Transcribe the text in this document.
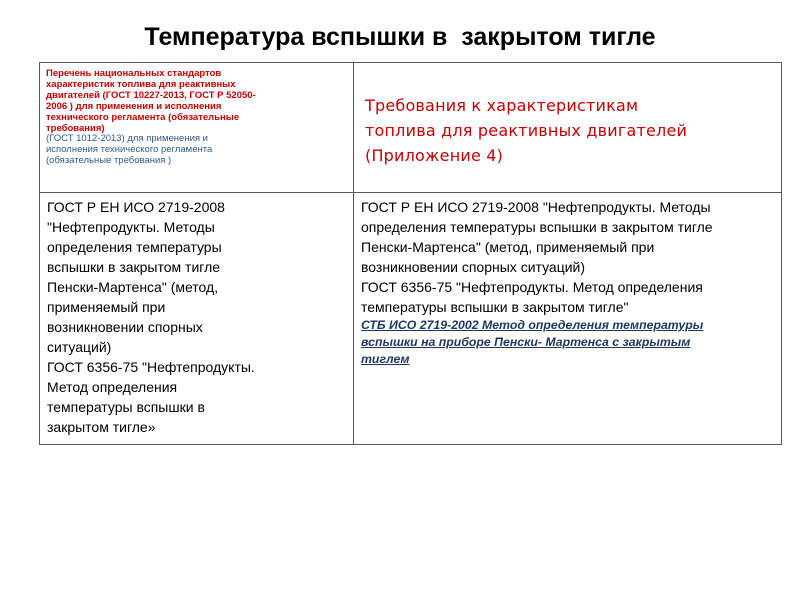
Температура вспышки в  закрытом тигле

Перечень национальных стандартов
характеристик топлива для реактивных
двигателей (ГОСТ 10227-2013, ГОСТ Р 52050-
2006 ) для применения и исполнения
технического регламента (обязательные
требования)

(ГОСТ 1012-2013) для применения и
исполнения технического регламента
(обязательные требования )

Требования к характеристикам
топлива для реактивных двигателей
(Приложение 4)

ГОСТ Р ЕН ИСО 2719-2008
"Нефтепродукты. Методы
определения температуры
вспышки в закрытом тигле
Пенски-Мартенса" (метод,
применяемый при
возникновении спорных
ситуаций)
ГОСТ 6356-75 "Нефтепродукты.
Метод определения
температуры вспышки в
закрытом тигле»

ГОСТ Р ЕН ИСО 2719-2008 "Нефтепродукты. Методы
определения температуры вспышки в закрытом тигле
Пенски-Мартенса" (метод, применяемый при
возникновении спорных ситуаций)
ГОСТ 6356-75 "Нефтепродукты. Метод определения
температуры вспышки в закрытом тигле"

СТБ ИСО 2719-2002 Метод определения температуры
вспышки на приборе Пенски- Мартенса с закрытым
тиглем
